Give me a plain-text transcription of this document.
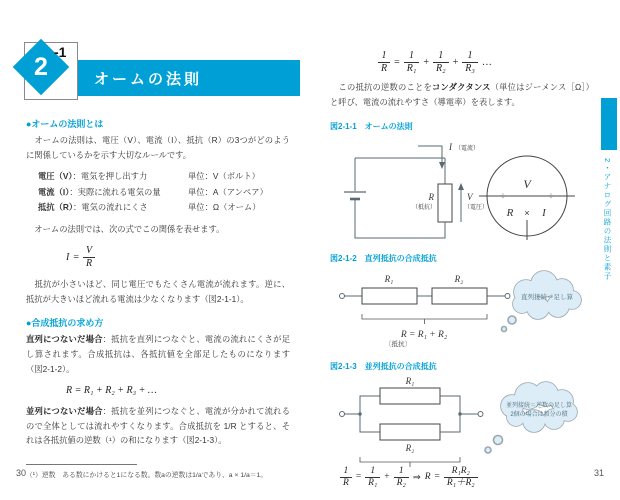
-1
2	オームの法則
●オームの法則とは

　オームの法則は、電圧（V）、電流（I）、抵抗（R）の3つがどのように関係しているかを示す大切なルールです。

電圧（V）：電気を押し出す力	単位：V（ボルト）
電流（I）：実際に流れる電気の量	単位：A（アンペア）
抵抗（R）：電気の流れにくさ	単位：Ω（オーム）

　オームの法則では、次の式でこの関係を表せます。

$I = \frac{V}{R}$

　抵抗が小さいほど、同じ電圧でもたくさん電流が流れます。逆に、抵抗が大きいほど流れる電流は少なくなります（図2-1-1）。

●合成抵抗の求め方

直列につないだ場合：抵抗を直列につなぐと、電流の流れにくさが足し算されます。合成抵抗は、各抵抗値を全部足したものになります（図2-1-2）。

R = R₁ + R₂ + R₃ + …

並列につないだ場合：抵抗を並列につなぐと、電流が分かれて流れるので全体としては流れやすくなります。合成抵抗を 1/R とすると、それは各抵抗値の逆数（¹）の和になります（図2-1-3）。

（¹）逆数　ある数にかけると1になる数。数aの逆数は1/aであり、a × 1/a＝1。

30
$\frac{1}{R} = \frac{1}{\text{R₁}} + \frac{1}{\text{R₂}} + \frac{1}{\text{R₃}}$ …

　この抵抗の逆数のことをコンダクタンス（単位はジーメンス［Ω］）と呼び、電流の流れやすさ（導電率）を表します。

図2-1-1　オームの法則
I （電流）
R
（抵抗）
V
（電圧）
V
÷	÷
R × I
図2-1-2　直列抵抗の合成抵抗
R₁	R₂
R = R₁ + R₂
〔抵抗〕
直列接続＝足し算
図2-1-3　並列抵抗の合成抵抗
R₁
R₂
並列接続＝逆数の足し算
2個の場合は和分の積
$\frac{1}{R} = \frac{1}{\text{R₁}} + \frac{1}{\text{R₂}}$ ⇒ $R = \frac{\text{R₁R₂}}{\text{R₁＋R₂}}$	31
2・アナログ回路の法則と素子
